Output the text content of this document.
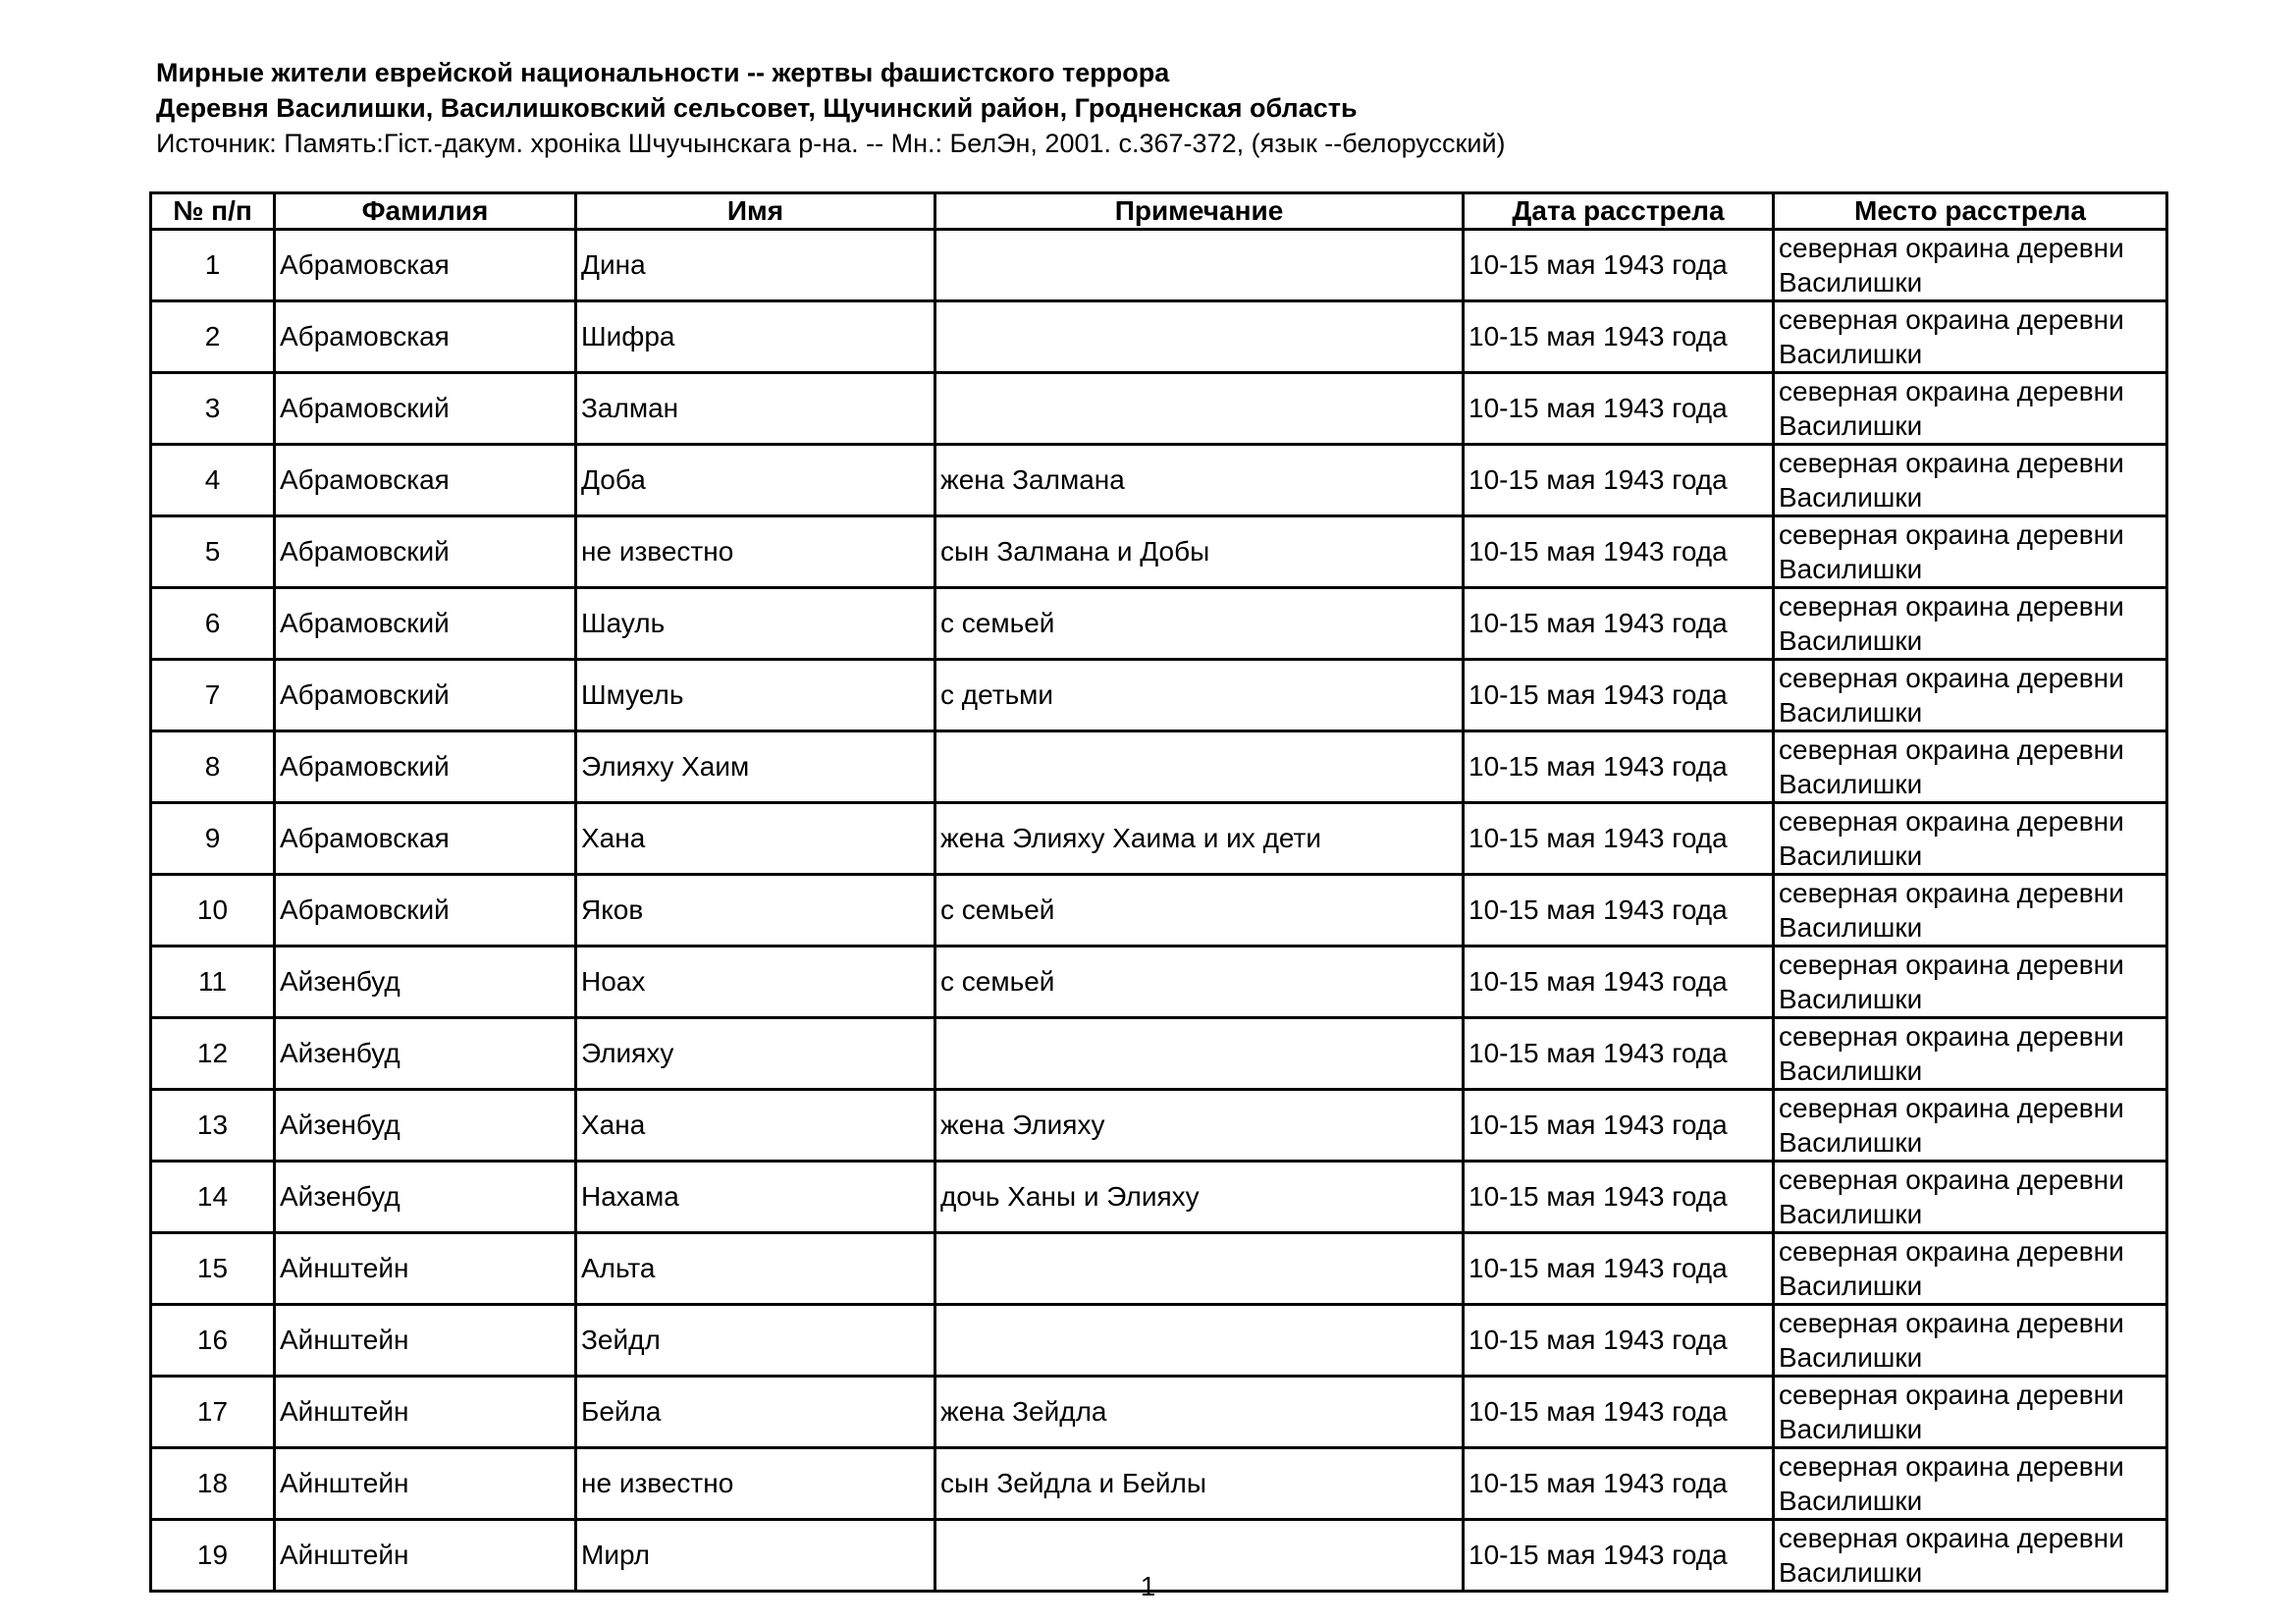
Мирные жители еврейской национальности -- жертвы фашистского террора
Деревня Василишки, Василишковский сельсовет, Щучинский район, Гродненская область
Источник: Память:Гіст.-дакум. хроніка Шчучынскага р-на. -- Мн.: БелЭн, 2001. с.367-372, (язык --белорусский)
№ п/п	Фамилия	Имя	Примечание	Дата расстрела	Место расстрела
1	Абрамовская	Дина		10-15 мая 1943 года	северная окраина деревни Василишки
2	Абрамовская	Шифра		10-15 мая 1943 года	северная окраина деревни Василишки
3	Абрамовский	Залман		10-15 мая 1943 года	северная окраина деревни Василишки
4	Абрамовская	Доба	жена Залмана	10-15 мая 1943 года	северная окраина деревни Василишки
5	Абрамовский	не известно	сын Залмана и Добы	10-15 мая 1943 года	северная окраина деревни Василишки
6	Абрамовский	Шауль	с семьей	10-15 мая 1943 года	северная окраина деревни Василишки
7	Абрамовский	Шмуель	с детьми	10-15 мая 1943 года	северная окраина деревни Василишки
8	Абрамовский	Элияху Хаим		10-15 мая 1943 года	северная окраина деревни Василишки
9	Абрамовская	Хана	жена Элияху Хаима и их дети	10-15 мая 1943 года	северная окраина деревни Василишки
10	Абрамовский	Яков	с семьей	10-15 мая 1943 года	северная окраина деревни Василишки
11	Айзенбуд	Ноах	с семьей	10-15 мая 1943 года	северная окраина деревни Василишки
12	Айзенбуд	Элияху		10-15 мая 1943 года	северная окраина деревни Василишки
13	Айзенбуд	Хана	жена Элияху	10-15 мая 1943 года	северная окраина деревни Василишки
14	Айзенбуд	Нахама	дочь Ханы и Элияху	10-15 мая 1943 года	северная окраина деревни Василишки
15	Айнштейн	Альта		10-15 мая 1943 года	северная окраина деревни Василишки
16	Айнштейн	Зейдл		10-15 мая 1943 года	северная окраина деревни Василишки
17	Айнштейн	Бейла	жена Зейдла	10-15 мая 1943 года	северная окраина деревни Василишки
18	Айнштейн	не известно	сын Зейдла и Бейлы	10-15 мая 1943 года	северная окраина деревни Василишки
19	Айнштейн	Мирл		10-15 мая 1943 года	северная окраина деревни Василишки
1
